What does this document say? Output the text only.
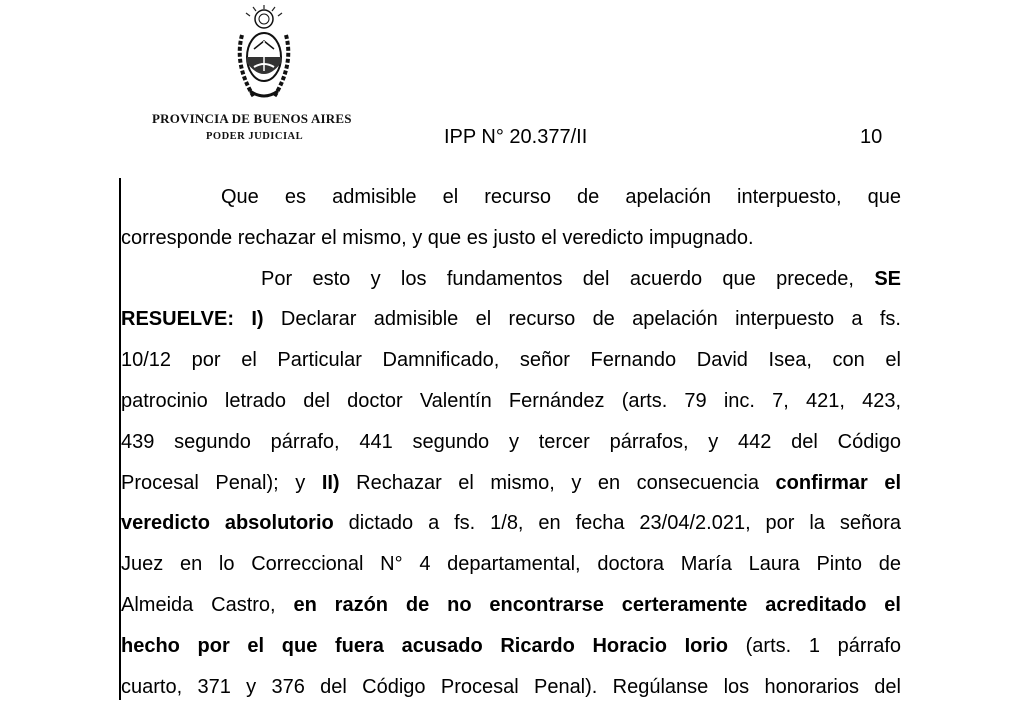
PROVINCIA DE BUENOS AIRES
PODER JUDICIAL	IPP N° 20.377/II	10

Que es admisible el recurso de apelación interpuesto, que

corresponde rechazar el mismo, y que es justo el veredicto impugnado.

Por esto y los fundamentos del acuerdo que precede, SE

RESUELVE: I) Declarar admisible el recurso de apelación interpuesto a fs.

10/12 por el Particular Damnificado, señor Fernando David Isea, con el

patrocinio letrado del doctor Valentín Fernández (arts. 79 inc. 7, 421, 423,

439 segundo párrafo, 441 segundo y tercer párrafos, y 442 del Código

Procesal Penal); y II) Rechazar el mismo, y en consecuencia confirmar el

veredicto absolutorio dictado a fs. 1/8, en fecha 23/04/2.021, por la señora

Juez en lo Correccional N° 4 departamental, doctora María Laura Pinto de

Almeida Castro, en razón de no encontrarse certeramente acreditado el

hecho por el que fuera acusado Ricardo Horacio Iorio (arts. 1 párrafo

cuarto, 371 y 376 del Código Procesal Penal). Regúlanse los honorarios del
